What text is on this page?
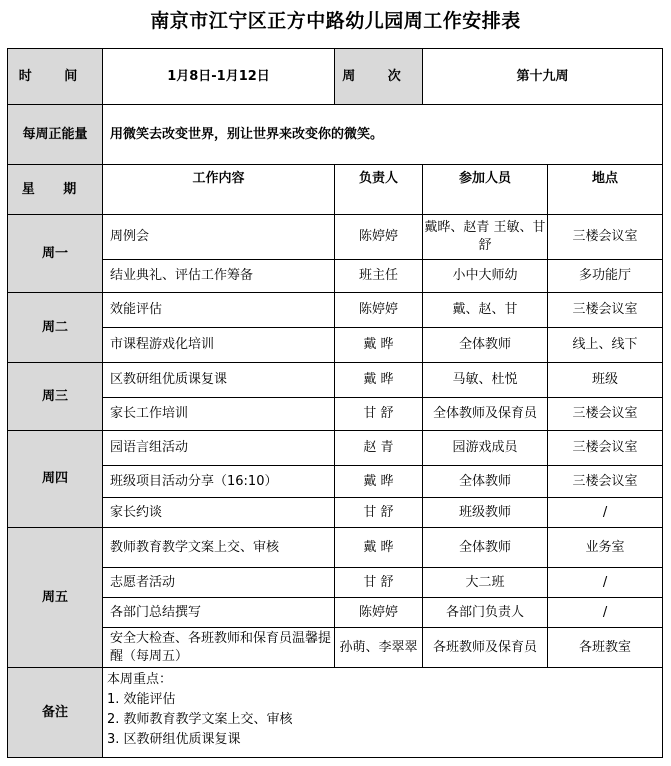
南京市江宁区正方中路幼儿园周工作安排表
时 间	1月8日-1月12日	周 次	第十九周	
每周正能量	用微笑去改变世界，别让世界来改变你的微笑。			
星 期	工作内容	负责人	参加人员	地点
周一	周例会	陈婷婷	戴晔、赵青 王敏、甘舒	三楼会议室
	结业典礼、评估工作筹备	班主任	小中大师幼	多功能厅
周二	效能评估	陈婷婷	戴、赵、甘	三楼会议室
	市课程游戏化培训	戴 晔	全体教师	线上、线下
周三	区教研组优质课复课	戴 晔	马敏、杜悦	班级
	家长工作培训	甘 舒	全体教师及保育员	三楼会议室
周四	园语言组活动	赵 青	园游戏成员	三楼会议室
	班级项目活动分享（16:10）	戴 晔	全体教师	三楼会议室
	家长约谈	甘 舒	班级教师	/
周五	教师教育教学文案上交、审核	戴 晔	全体教师	业务室
	志愿者活动	甘 舒	大二班	/
	各部门总结撰写	陈婷婷	各部门负责人	/
	安全大检查、各班教师和保育员温馨提醒（每周五）	孙萌、李翠翠	各班教师及保育员	各班教室
备注	本周重点：
1. 效能评估
2. 教师教育教学文案上交、审核
3. 区教研组优质课复课			
